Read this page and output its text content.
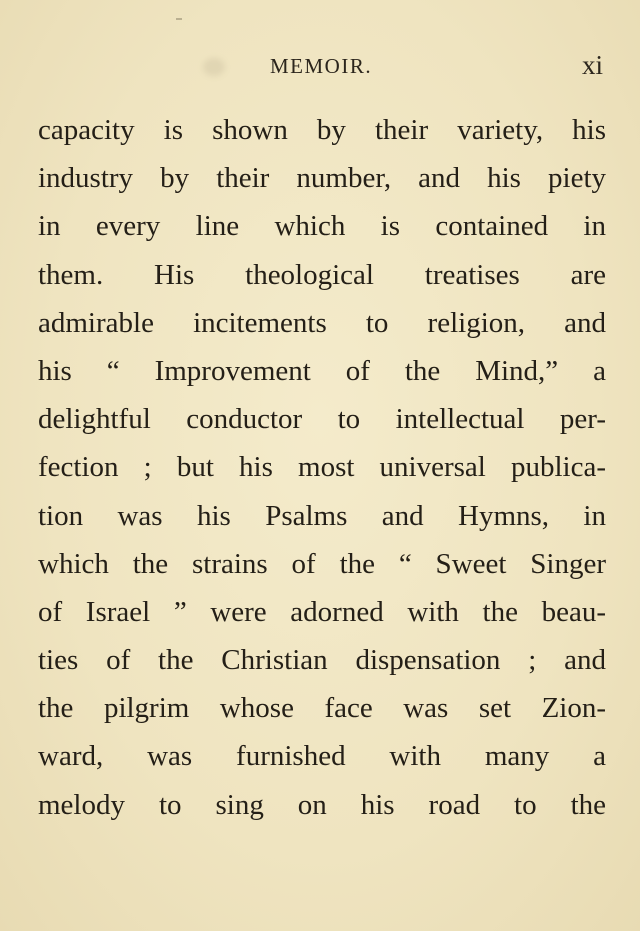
MEMOIR.	xi
capacity is shown by their variety, his
industry by their number, and his piety
in every line which is contained in
them. His theological treatises are
admirable incitements to religion, and
his “ Improvement of the Mind,” a
delightful conductor to intellectual per-
fection ; but his most universal publica-
tion was his Psalms and Hymns, in
which the strains of the “ Sweet Singer
of Israel ” were adorned with the beau-
ties of the Christian dispensation ; and
the pilgrim whose face was set Zion-
ward, was furnished with many a
melody to sing on his road to the
